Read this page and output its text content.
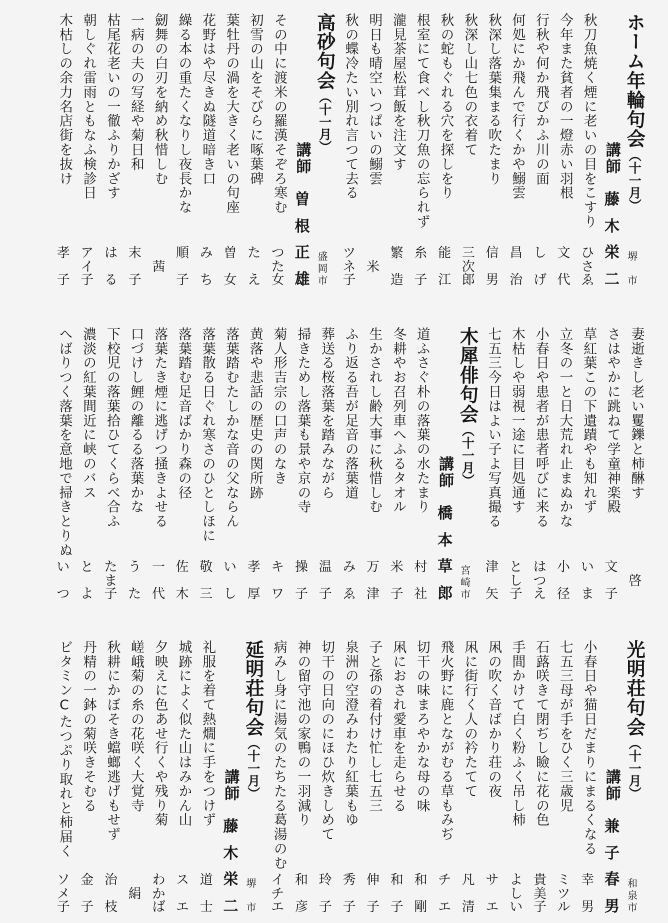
ホーム年輪句会（十一月）
堺
市
講師
藤
木
栄
二
秋刀魚焼く煙に老いの目をこすり
ひ
さ
ゑ
今年また貧者の一燈赤い羽根
文
代
行秋や何か飛びかふ川の面
し
げ
何処にか飛んで行くかや鰯雲
昌
治
秋深し落葉集まる吹たまり
信
男
秋深し山七色の衣着て
三
次
郎
秋の蛇もぐれる穴を探しをり
能
江
根室にて食べし秋刀魚の忘られず
糸
子
瀧見茶屋松茸飯を注文す
繁
造
明日も晴空いつぱいの鰯雲
米
秋の蝶冷たい別れ言つて去る
ツ
ネ
子
高砂句会（十一月）
盛
岡
市
講師
曽
根
正
雄
その中に渡米の羅漢そぞろ寒む
つ
た
女
初雪の山をそびらに啄葉碑
た
え
葉牡丹の渦を大きく老いの句座
曽
女
花野はや尽きぬ隧道暗き口
み
ち
繰る本の重たくなりし夜長かな
順
子
劒舞の白刃を納め秋惜しむ
茜
一病の夫の写経や菊日和
末
子
枯尾花老いの一徹ふりかざす
は
る
朝しぐれ雷雨ともなふ検診日
ア
イ
子
木枯しの余力名店街を抜け
孝
子
妻逝きし老い矍鑠と柿醂す
啓
さはやかに跳ねて学童神楽殿
文
子
草紅葉この下遺蹟やも知れず
い
ま
立冬の一と日大荒れ止まぬかな
小
径
小春日や患者が患者呼びに来る
は
つ
え
木枯しや弱視一途に目処通す
と
し
子
七五三今日はよい子よ写真撮る
津
矢
木犀俳句会（十一月）
宮
崎
市
講師
橋
本
草
郎
道ふさぐ朴の落葉の水たまり
村
社
冬耕やお召列車へふるタオル
米
子
生かされし齢大事に秋惜しむ
万
津
ふり返る吾が足音の落葉道
み
ゑ
葬送る桜落葉を踏みながら
温
子
掃きためし落葉も景や京の寺
操
子
菊人形吉宗の口声のなき
キ
ワ
黄落や悲話の歴史の関所跡
孝
厚
落葉踏むたしかな音の父ならん
い
し
落葉散る日ぐれ寒さのひとしほに
敬
三
落葉踏む足音ばかり森の径
佐
木
落葉たき煙に逃げつ掻きよせる
一
代
口づけし鯉の離るる落葉かな
う
た
下校児の落葉拾ひてくらべ合ふ
た
ま
子
濃淡の紅葉間近に峡のバス
と
よ
へばりつく落葉を意地で掃きとりぬ
い
つ
光明荘句会（十一月）
和
泉
市
講師
兼
子
春
男
小春日や猫日だまりにまるくなる
幸
男
七五三母が手をひく三歳児
ミ
ツ
ル
石蕗咲きて閉ぢし瞼に花の色
貴
美
子
手間かけて白く粉ふく吊し柿
よ
し
い
凩の吹く音ばかり荘の夜
サ
エ
凩に街行く人の衿たてて
凡
清
飛火野に鹿とながむる草もみぢ
チ
エ
切干の味まろやかな母の味
和
剛
凩におされ愛車を走らせる
和
子
子と孫の着付け忙し七五三
伸
子
泉洲の空澄みわたり紅葉もゆ
秀
子
切干の日向のにほひ炊きしめて
玲
子
神の留守池の家鴨の一羽減り
和
彦
病みし身に湯気のたちたる葛湯のむ
イ
チ
エ
延明荘句会（十一月）
堺
市
講師
藤
木
栄
二
礼服を着て熱燗に手をつけず
道
士
城跡によく似た山はみかん山
ス
エ
夕映えに色あせ行くや残り菊
わ
か
ば
嵯峨菊の糸の花咲く大覚寺
絹
秋耕にかぼそき蟷螂逃げもせず
治
枝
丹精の一鉢の菊咲きそむる
金
子
ビタミンCたつぷり取れと柿届く
ソ
メ
子
